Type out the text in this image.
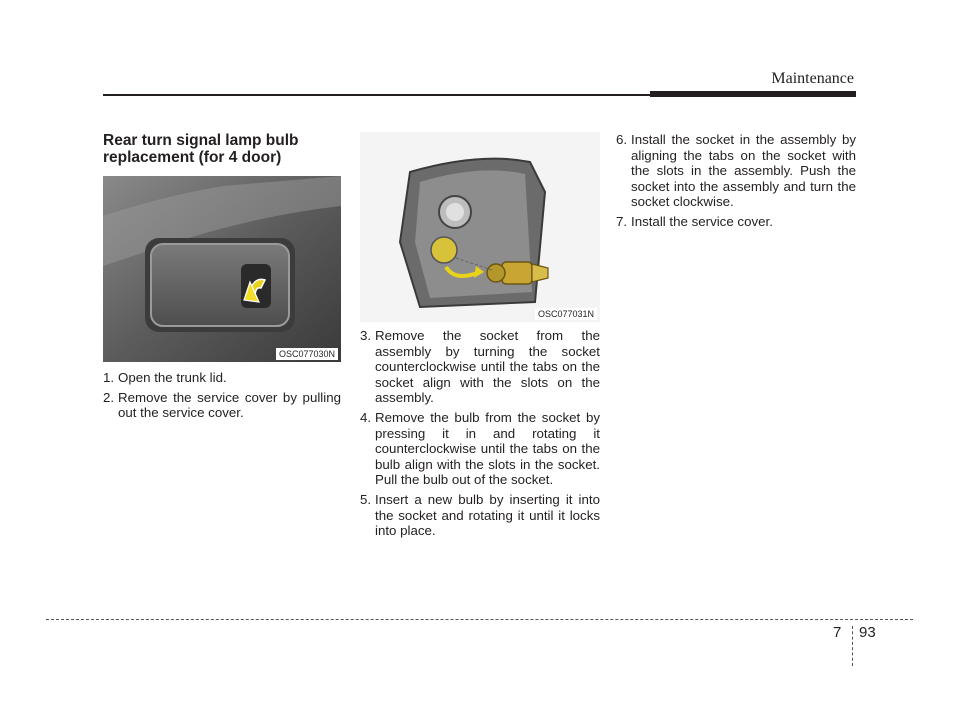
Maintenance
Rear turn signal lamp bulb replacement (for 4 door)
OSC077030N
1. Open the trunk lid.
2. Remove the service cover by pulling out the service cover.
OSC077031N
3. Remove the socket from the assembly by turning the socket counterclockwise until the tabs on the socket align with the slots on the assembly.
4. Remove the bulb from the socket by pressing it in and rotating it counterclockwise until the tabs on the bulb align with the slots in the socket. Pull the bulb out of the socket.
5. Insert a new bulb by inserting it into the socket and rotating it until it locks into place.
6. Install the socket in the assembly by aligning the tabs on the socket with the slots in the assembly. Push the socket into the assembly and turn the socket clockwise.
7. Install the service cover.
7 93
